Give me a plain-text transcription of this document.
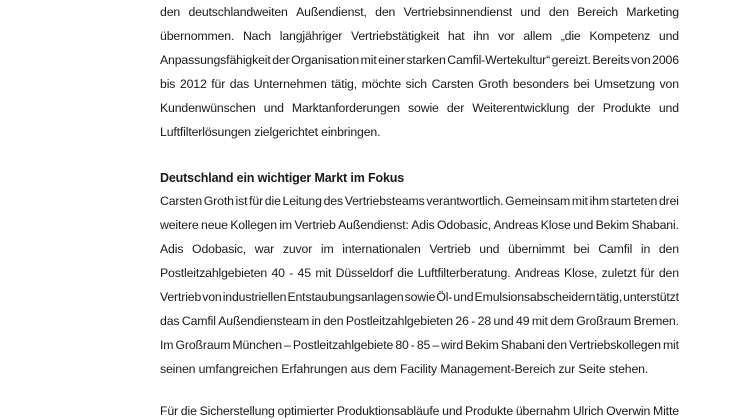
den deutschlandweiten Außendienst, den Vertriebsinnendienst und den Bereich Marketing
übernommen. Nach langjähriger Vertriebstätigkeit hat ihn vor allem „die Kompetenz und
Anpassungsfähigkeit der Organisation mit einer starken Camfil-Wertekultur“ gereizt. Bereits von 2006
bis 2012 für das Unternehmen tätig, möchte sich Carsten Groth besonders bei Umsetzung von
Kundenwünschen und Marktanforderungen sowie der Weiterentwicklung der Produkte und
Luftfilterlösungen zielgerichtet einbringen.
Deutschland ein wichtiger Markt im Fokus
Carsten Groth ist für die Leitung des Vertriebsteams verantwortlich. Gemeinsam mit ihm starteten drei
weitere neue Kollegen im Vertrieb Außendienst: Adis Odobasic, Andreas Klose und Bekim Shabani.
Adis Odobasic, war zuvor im internationalen Vertrieb und übernimmt bei Camfil in den
Postleitzahlgebieten 40 - 45 mit Düsseldorf die Luftfilterberatung. Andreas Klose, zuletzt für den
Vertrieb von industriellen Entstaubungsanlagen sowie Öl- und Emulsionsabscheidern tätig, unterstützt
das Camfil Außendiensteam in den Postleitzahlgebieten 26 - 28 und 49 mit dem Großraum Bremen.
Im Großraum München – Postleitzahlgebiete 80 - 85 – wird Bekim Shabani den Vertriebskollegen mit
seinen umfangreichen Erfahrungen aus dem Facility Management-Bereich zur Seite stehen.
Für die Sicherstellung optimierter Produktionsabläufe und Produkte übernahm Ulrich Overwin Mitte
